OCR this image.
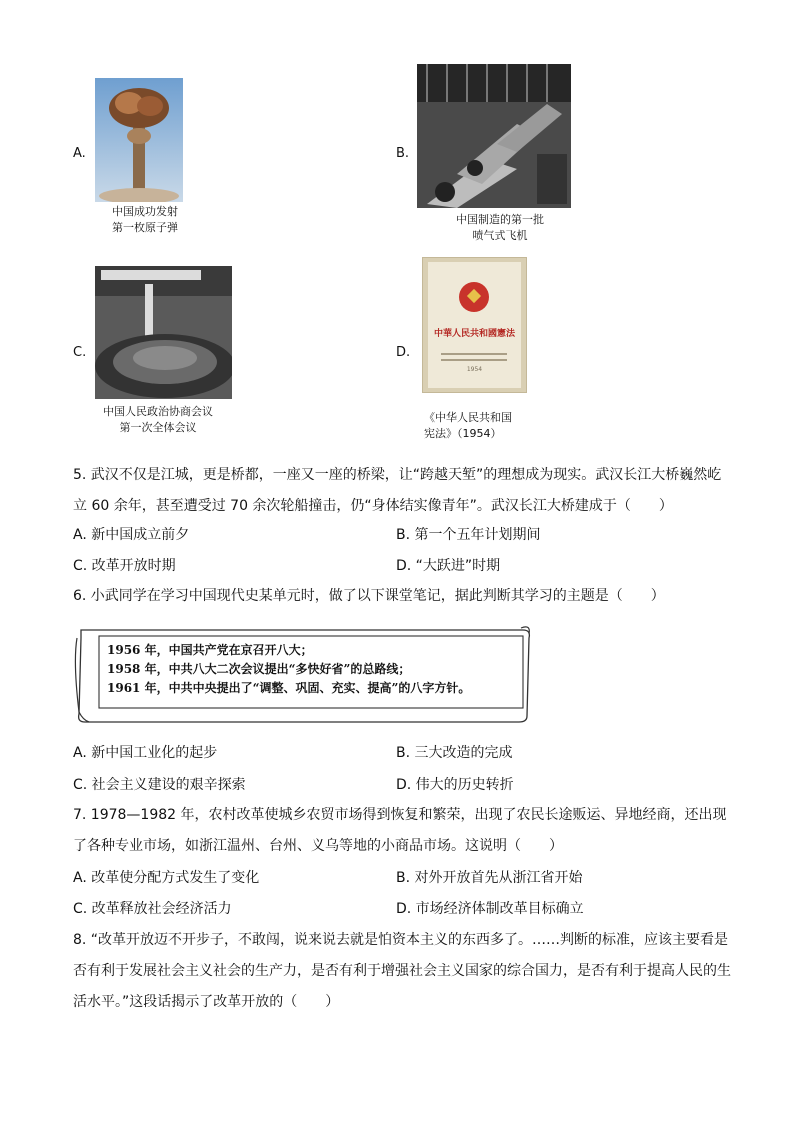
A.
中国成功发射
第一枚原子弹
B.
中国制造的第一批
喷气式飞机
C.
中国人民政治协商会议
第一次全体会议
D.
中華人民共和國憲法
1954
《中华人民共和国
宪法》（1954）
5. 武汉不仅是江城，更是桥都，一座又一座的桥梁，让“跨越天堑”的理想成为现实。武汉长江大桥巍然屹立 60 余年，甚至遭受过 70 余次轮船撞击，仍“身体结实像青年”。武汉长江大桥建成于（　　）
A. 新中国成立前夕	B. 第一个五年计划期间
C. 改革开放时期	D. “大跃进”时期
6. 小武同学在学习中国现代史某单元时，做了以下课堂笔记，据此判断其学习的主题是（　　）
1956 年，中国共产党在京召开八大；
1958 年，中共八大二次会议提出“多快好省”的总路线；
1961 年，中共中央提出了“调整、巩固、充实、提高”的八字方针。
A. 新中国工业化的起步	B. 三大改造的完成
C. 社会主义建设的艰辛探索	D. 伟大的历史转折
7. 1978—1982 年，农村改革使城乡农贸市场得到恢复和繁荣，出现了农民长途贩运、异地经商，还出现了各种专业市场，如浙江温州、台州、义乌等地的小商品市场。这说明（　　）
A. 改革使分配方式发生了变化	B. 对外开放首先从浙江省开始
C. 改革释放社会经济活力	D. 市场经济体制改革目标确立
8. “改革开放迈不开步子，不敢闯，说来说去就是怕资本主义的东西多了。……判断的标准，应该主要看是否有利于发展社会主义社会的生产力，是否有利于增强社会主义国家的综合国力，是否有利于提高人民的生活水平。”这段话揭示了改革开放的（　　）
